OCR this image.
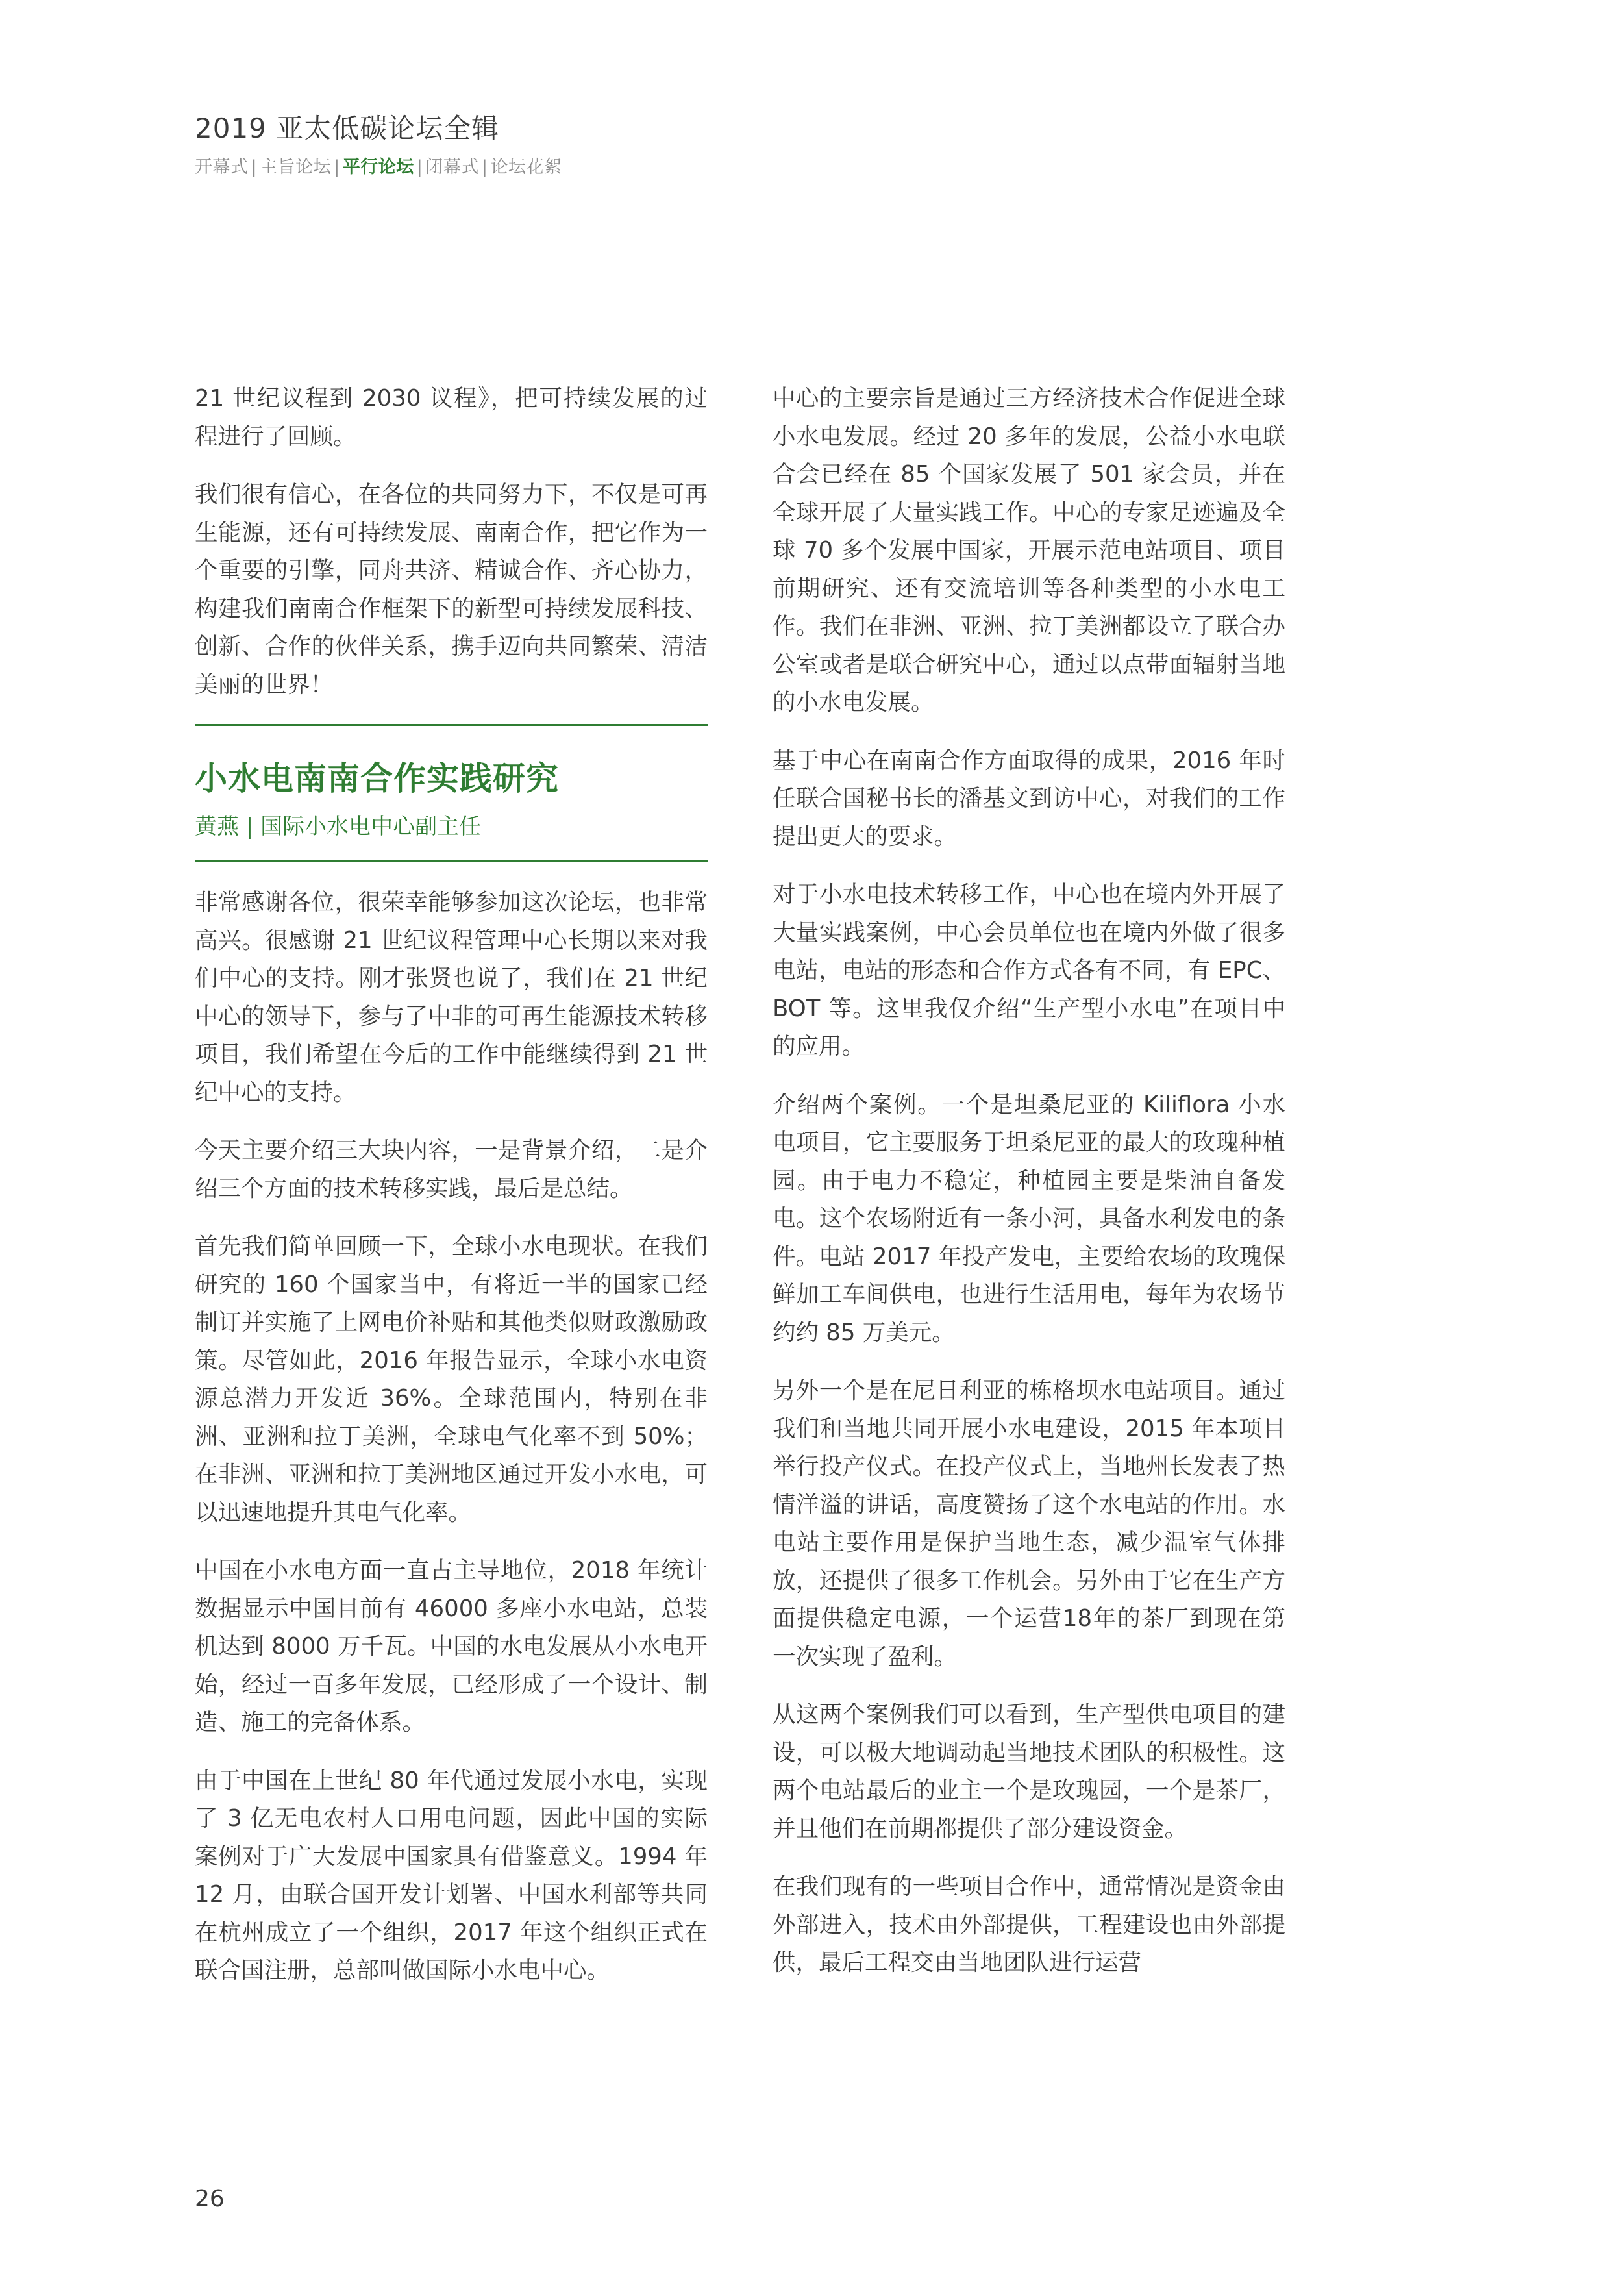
2019 亚太低碳论坛全辑
开幕式 | 主旨论坛 | 平行论坛 | 闭幕式 | 论坛花絮

21 世纪议程到 2030 议程》，把可持续发展的过程进行了回顾。

我们很有信心，在各位的共同努力下，不仅是可再生能源，还有可持续发展、南南合作，把它作为一个重要的引擎，同舟共济、精诚合作、齐心协力，构建我们南南合作框架下的新型可持续发展科技、创新、合作的伙伴关系，携手迈向共同繁荣、清洁美丽的世界！

小水电南南合作实践研究
黄燕 | 国际小水电中心副主任

非常感谢各位，很荣幸能够参加这次论坛，也非常高兴。很感谢 21 世纪议程管理中心长期以来对我们中心的支持。刚才张贤也说了，我们在 21 世纪中心的领导下，参与了中非的可再生能源技术转移项目，我们希望在今后的工作中能继续得到 21 世纪中心的支持。

今天主要介绍三大块内容，一是背景介绍，二是介绍三个方面的技术转移实践，最后是总结。

首先我们简单回顾一下，全球小水电现状。在我们研究的 160 个国家当中，有将近一半的国家已经制订并实施了上网电价补贴和其他类似财政激励政策。尽管如此，2016 年报告显示，全球小水电资源总潜力开发近 36%。全球范围内，特别在非洲、亚洲和拉丁美洲，全球电气化率不到 50%；在非洲、亚洲和拉丁美洲地区通过开发小水电，可以迅速地提升其电气化率。

中国在小水电方面一直占主导地位，2018 年统计数据显示中国目前有 46000 多座小水电站，总装机达到 8000 万千瓦。中国的水电发展从小水电开始，经过一百多年发展，已经形成了一个设计、制造、施工的完备体系。

由于中国在上世纪 80 年代通过发展小水电，实现了 3 亿无电农村人口用电问题，因此中国的实际案例对于广大发展中国家具有借鉴意义。1994 年 12 月，由联合国开发计划署、中国水利部等共同在杭州成立了一个组织，2017 年这个组织正式在联合国注册，总部叫做国际小水电中心。

中心的主要宗旨是通过三方经济技术合作促进全球小水电发展。经过 20 多年的发展，公益小水电联合会已经在 85 个国家发展了 501 家会员，并在全球开展了大量实践工作。中心的专家足迹遍及全球 70 多个发展中国家，开展示范电站项目、项目前期研究、还有交流培训等各种类型的小水电工作。我们在非洲、亚洲、拉丁美洲都设立了联合办公室或者是联合研究中心，通过以点带面辐射当地的小水电发展。

基于中心在南南合作方面取得的成果，2016 年时任联合国秘书长的潘基文到访中心，对我们的工作提出更大的要求。

对于小水电技术转移工作，中心也在境内外开展了大量实践案例，中心会员单位也在境内外做了很多电站，电站的形态和合作方式各有不同，有 EPC、BOT 等。这里我仅介绍“生产型小水电”在项目中的应用。

介绍两个案例。一个是坦桑尼亚的 Kiliflora 小水电项目，它主要服务于坦桑尼亚的最大的玫瑰种植园。由于电力不稳定，种植园主要是柴油自备发电。这个农场附近有一条小河，具备水利发电的条件。电站 2017 年投产发电，主要给农场的玫瑰保鲜加工车间供电，也进行生活用电，每年为农场节约约 85 万美元。

另外一个是在尼日利亚的栋格坝水电站项目。通过我们和当地共同开展小水电建设，2015 年本项目举行投产仪式。在投产仪式上，当地州长发表了热情洋溢的讲话，高度赞扬了这个水电站的作用。水电站主要作用是保护当地生态，减少温室气体排放，还提供了很多工作机会。另外由于它在生产方面提供稳定电源，一个运营18年的茶厂到现在第一次实现了盈利。

从这两个案例我们可以看到，生产型供电项目的建设，可以极大地调动起当地技术团队的积极性。这两个电站最后的业主一个是玫瑰园，一个是茶厂，并且他们在前期都提供了部分建设资金。

在我们现有的一些项目合作中，通常情况是资金由外部进入，技术由外部提供，工程建设也由外部提供，最后工程交由当地团队进行运营

26
